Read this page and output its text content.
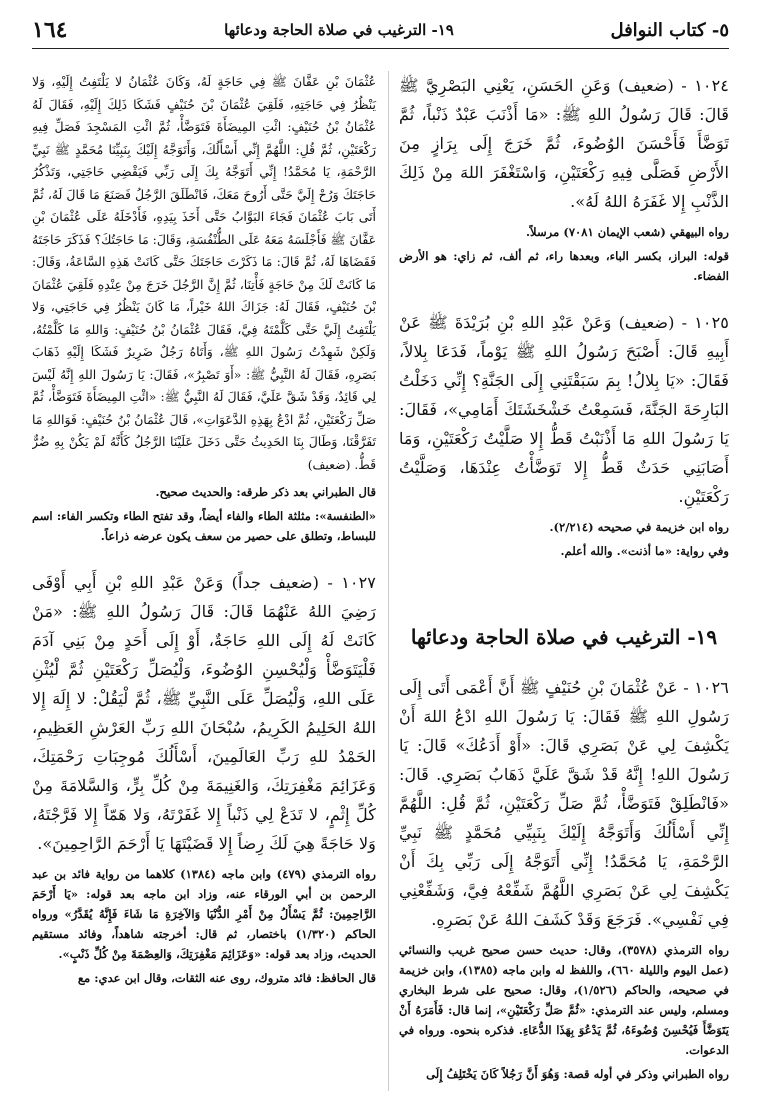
٥- كتاب النوافل
١٩- الترغيب في صلاة الحاجة ودعائها
١٦٤

١٠٢٤ - (ضعيف) وَعَنِ الحَسَنِ، يَعْنِي البَصْرِيَّ ﷺ قَالَ: قَالَ رَسُولُ اللهِ ﷺ: «مَا أَذْنَبَ عَبْدٌ ذَنْباً، ثُمَّ تَوَضَّأَ فَأَحْسَنَ الوُضُوءَ، ثُمَّ خَرَجَ إِلَى بِرَازٍ مِنَ الأَرْضِ فَصَلَّى فِيهِ رَكْعَتَيْنِ، وَاسْتَغْفَرَ اللهَ مِنْ ذَلِكَ الذَّنْبِ إِلا غَفَرَهُ اللهُ لَهُ».

رواه البيهقي (شعب الإيمان ٧٠٨١) مرسلاً.

قوله: البراز، بكسر الباء، وبعدها راء، ثم ألف، ثم زاي: هو الأرض الفضاء.

١٠٢٥ - (ضعيف) وَعَنْ عَبْدِ اللهِ بْنِ بُرَيْدَةَ ﷺ عَنْ أَبِيهِ قَالَ: أَصْبَحَ رَسُولُ اللهِ ﷺ يَوْماً، فَدَعَا بِلالاً، فَقَالَ: «يَا بِلالُ! بِمَ سَبَقْتَنِي إِلَى الجَنَّةِ؟ إِنِّي دَخَلْتُ البَارِحَةَ الجَنَّةَ، فَسَمِعْتُ خَشْخَشَتَكَ أَمَامِي»، فَقَالَ: يَا رَسُولَ اللهِ مَا أَذْنَبْتُ قَطُّ إِلا صَلَّيْتُ رَكْعَتَيْنِ، وَمَا أَصَابَنِي حَدَثٌ قَطُّ إِلا تَوَضَّأْتُ عِنْدَهَا، وَصَلَّيْتُ رَكْعَتَيْنِ.

رواه ابن خزيمة في صحيحه (٢/٢١٤).

وفي رواية: «ما أذنت». والله أعلم.

١٩- الترغيب في صلاة الحاجة ودعائها

١٠٢٦ - عَنْ عُثْمَانَ بْنِ حُنَيْفٍ ﷺ أَنَّ أَعْمَى أَتَى إِلَى رَسُولِ اللهِ ﷺ فَقَالَ: يَا رَسُولَ اللهِ ادْعُ اللهَ أَنْ يَكْشِفَ لِي عَنْ بَصَرِي قَالَ: «أَوْ أَدَعُكَ» قَالَ: يَا رَسُولَ اللهِ! إِنَّهُ قَدْ شَقَّ عَلَيَّ ذَهَابُ بَصَرِي. قَالَ: «فَانْطَلِقْ فَتَوَضَّأْ، ثُمَّ صَلِّ رَكْعَتَيْنِ، ثُمَّ قُلِ: اللَّهُمَّ إِنِّي أَسْأَلُكَ وَأَتَوَجَّهُ إِلَيْكَ بِنَبِيِّي مُحَمَّدٍ ﷺ نَبِيِّ الرَّحْمَةِ، يَا مُحَمَّدُ! إِنِّي أَتَوَجَّهُ إِلَى رَبِّي بِكَ أَنْ يَكْشِفَ لِي عَنْ بَصَرِي اللَّهُمَّ شَفِّعْهُ فِيَّ، وَشَفِّعْنِي فِي نَفْسِي». فَرَجَعَ وَقَدْ كَشَفَ اللهُ عَنْ بَصَرِهِ.

رواه الترمذي (٣٥٧٨)، وقال: حديث حسن صحيح غريب والنسائي (عمل اليوم والليلة ٦٦٠)، واللفظ له وابن ماجه (١٣٨٥)، وابن خزيمة في صحيحه، والحاكم (١/٥٢٦)، وقال: صحيح على شرط البخاري ومسلم، وليس عند الترمذي: «ثُمَّ صَلِّ رَكْعَتَيْنِ»، إنما قال: فَأَمَرَهُ أَنْ يَتَوَضَّأَ فَيُحْسِنَ وُضُوءَهُ، ثُمَّ يَدْعُوَ بِهَذَا الدُّعَاءِ. فذكره بنحوه. ورواه في الدعوات.

رواه الطبراني وذكر في أوله قصة: وَهُوَ أَنَّ رَجُلاً كَانَ يَخْتَلِفُ إِلَى

عُثْمَانَ بْنِ عَفَّانَ ﷺ فِي حَاجَةٍ لَهُ، وَكَانَ عُثْمَانُ لا يَلْتَفِتُ إِلَيْهِ، وَلا يَنْظُرُ فِي حَاجَتِهِ، فَلَقِيَ عُثْمَانَ بْنَ حُنَيْفٍ فَشَكَا ذَلِكَ إِلَيْهِ، فَقَالَ لَهُ عُثْمَانُ بْنُ حُنَيْفٍ: ائْتِ المِيضَأَةَ فَتَوَضَّأْ، ثُمَّ ائْتِ المَسْجِدَ فَصَلِّ فِيهِ رَكْعَتَيْنِ، ثُمَّ قُلِ: اللَّهُمَّ إِنِّي أَسْأَلُكَ، وَأَتَوَجَّهُ إِلَيْكَ بِنَبِيِّنَا مُحَمَّدٍ ﷺ نَبِيِّ الرَّحْمَةِ، يَا مُحَمَّدُ! إِنِّي أَتَوَجَّهُ بِكَ إِلَى رَبِّي فَيَقْضِي حَاجَتِي، وَتَذْكُرُ حَاجَتَكَ وَرُحْ إِلَيَّ حَتَّى أَرُوحَ مَعَكَ، فَانْطَلَقَ الرَّجُلُ فَصَنَعَ مَا قَالَ لَهُ، ثُمَّ أَتَى بَابَ عُثْمَانَ فَجَاءَ البَوَّابُ حَتَّى أَخَذَ بِيَدِهِ، فَأَدْخَلَهُ عَلَى عُثْمَانَ بْنِ عَفَّانَ ﷺ فَأَجْلَسَهُ مَعَهُ عَلَى الطُّنْفُسَةِ، وَقَالَ: مَا حَاجَتُكَ؟ فَذَكَرَ حَاجَتَهُ فَقَضَاهَا لَهُ، ثُمَّ قَالَ: مَا ذَكَرْتَ حَاجَتَكَ حَتَّى كَانَتْ هَذِهِ السَّاعَةُ، وَقَالَ: مَا كَانَتْ لَكَ مِنْ حَاجَةٍ فَأْتِنَا، ثُمَّ إِنَّ الرَّجُلَ خَرَجَ مِنْ عِنْدِهِ فَلَقِيَ عُثْمَانَ بْنَ حُنَيْفٍ، فَقَالَ لَهُ: جَزَاكَ اللهُ خَيْراً، مَا كَانَ يَنْظُرُ فِي حَاجَتِي، وَلا يَلْتَفِتُ إِلَيَّ حَتَّى كَلَّمْتَهُ فِيَّ، فَقَالَ عُثْمَانُ بْنُ حُنَيْفٍ: وَاللهِ مَا كَلَّمْتُهُ، وَلَكِنْ شَهِدْتُ رَسُولَ اللهِ ﷺ، وَأَتَاهُ رَجُلٌ ضَرِيرٌ فَشَكَا إِلَيْهِ ذَهَابَ بَصَرِهِ، فَقَالَ لَهُ النَّبِيُّ ﷺ: «أَوَ تَصْبِرُ»، فَقَالَ: يَا رَسُولَ اللهِ إِنَّهُ لَيْسَ لِي قَائِدٌ، وَقَدْ شَقَّ عَلَيَّ، فَقَالَ لَهُ النَّبِيُّ ﷺ: «ائْتِ المِيضَأَةَ فَتَوَضَّأْ، ثُمَّ صَلِّ رَكْعَتَيْنِ، ثُمَّ ادْعُ بِهَذِهِ الدَّعَوَاتِ»، قَالَ عُثْمَانُ بْنُ حُنَيْفٍ: فَوَاللهِ مَا تَفَرَّقْنَا، وَطَالَ بِنَا الحَدِيثُ حَتَّى دَخَلَ عَلَيْنَا الرَّجُلُ كَأَنَّهُ لَمْ يَكُنْ بِهِ ضُرٌّ قَطُّ. (ضعيف)

قال الطبراني بعد ذكر طرقه: والحديث صحيح.

«الطنفسة»: مثلثة الطاء والفاء أيضاً، وقد تفتح الطاء وتكسر الفاء: اسم للبساط، وتطلق على حصير من سعف يكون عرضه ذراعاً.

١٠٢٧ - (ضعيف جداً) وَعَنْ عَبْدِ اللهِ بْنِ أَبِي أَوْفَى رَضِيَ اللهُ عَنْهُمَا قَالَ: قَالَ رَسُولُ اللهِ ﷺ: «مَنْ كَانَتْ لَهُ إِلَى اللهِ حَاجَةٌ، أَوْ إِلَى أَحَدٍ مِنْ بَنِي آدَمَ فَلْيَتَوَضَّأْ وَلْيُحْسِنِ الوُضُوءَ، وَلْيُصَلِّ رَكْعَتَيْنِ ثُمَّ لْيُثْنِ عَلَى اللهِ، وَلْيُصَلِّ عَلَى النَّبِيِّ ﷺ، ثُمَّ لْيَقُلْ: لا إِلَهَ إِلا اللهُ الحَلِيمُ الكَرِيمُ، سُبْحَانَ اللهِ رَبِّ العَرْشِ العَظِيمِ، الحَمْدُ للهِ رَبِّ العَالَمِينَ، أَسْأَلُكَ مُوجِبَاتِ رَحْمَتِكَ، وَعَزَائِمَ مَغْفِرَتِكَ، وَالغَنِيمَةَ مِنْ كُلِّ بِرٍّ، وَالسَّلامَةَ مِنْ كُلِّ إِثْمٍ، لا تَدَعْ لِي ذَنْباً إِلا غَفَرْتَهُ، وَلا هَمّاً إِلا فَرَّجْتَهُ، وَلا حَاجَةً هِيَ لَكَ رِضاً إِلا قَضَيْتَهَا يَا أَرْحَمَ الرَّاحِمِينَ».

رواه الترمذي (٤٧٩) وابن ماجه (١٣٨٤) كلاهما من رواية فائد بن عبد الرحمن بن أبي الورقاء عنه، وزاد ابن ماجه بعد قوله: «يَا أَرْحَمَ الرَّاحِمِينَ: ثُمَّ يَسْأَلُ مِنْ أَمْرِ الدُّنْيَا وَالآخِرَةِ مَا شَاءَ فَإِنَّهُ يُقَدَّرُ» ورواه الحاكم (١/٣٢٠) باختصار، ثم قال: أخرجته شاهداً، وفائد مستقيم الحديث، وزاد بعد قوله: «وَعَزَائِمَ مَغْفِرَتِكَ، وَالعِصْمَةَ مِنْ كُلِّ ذَنْبٍ».

قال الحافظ: فائد متروك، روى عنه الثقات، وقال ابن عدي: مع
